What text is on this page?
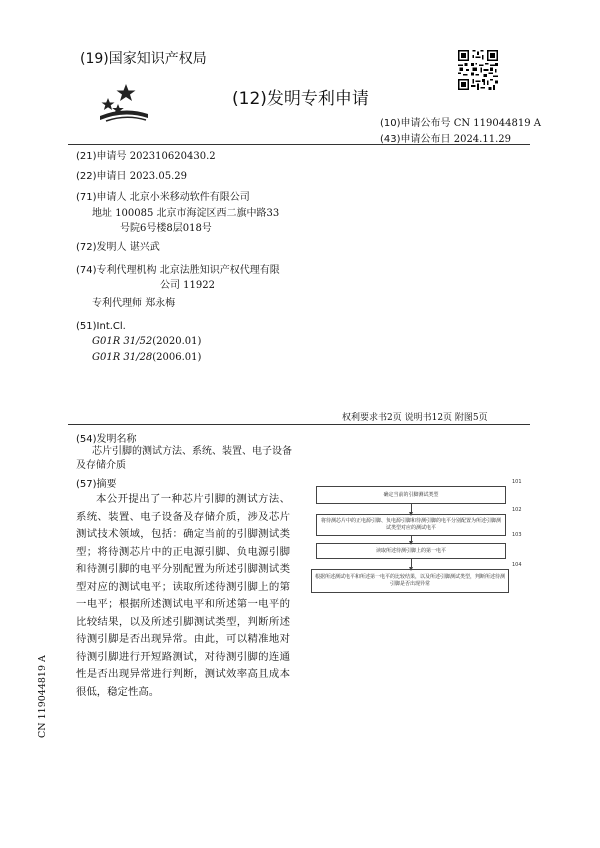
(19)国家知识产权局
(12)发明专利申请
(10)申请公布号 CN 119044819 A
(43)申请公布日 2024.11.29
(21)申请号 202310620430.2
(22)申请日 2023.05.29
(71)申请人 北京小米移动软件有限公司
地址 100085 北京市海淀区西二旗中路33
号院6号楼8层018号
(72)发明人 谌兴武
(74)专利代理机构 北京法胜知识产权代理有限
公司 11922
专利代理师 郑永梅
(51)Int.Cl.
G01R 31/52(2020.01)
G01R 31/28(2006.01)
权利要求书2页 说明书12页 附图5页
(54)发明名称
芯片引脚的测试方法、系统、装置、电子设备
及存储介质
(57)摘要
本公开提出了一种芯片引脚的测试方法、系统、装置、电子设备及存储介质，涉及芯片测试技术领域，包括：确定当前的引脚测试类型；将待测芯片中的正电源引脚、负电源引脚和待测引脚的电平分别配置为所述引脚测试类型对应的测试电平；读取所述待测引脚上的第一电平；根据所述测试电平和所述第一电平的比较结果，以及所述引脚测试类型，判断所述待测引脚是否出现异常。由此，可以精准地对待测引脚进行开短路测试，对待测引脚的连通性是否出现异常进行判断，测试效率高且成本很低，稳定性高。
确定当前的引脚测试类型
101
将待测芯片中的正电源引脚、负电源引脚和待测引脚的电平分别配置为所述引脚测试类型对应的测试电平
102
读取所述待测引脚上的第一电平
103
根据所述测试电平和所述第一电平的比较结果，以及所述引脚测试类型，判断所述待测引脚是否出现异常
104
CN 119044819 A
